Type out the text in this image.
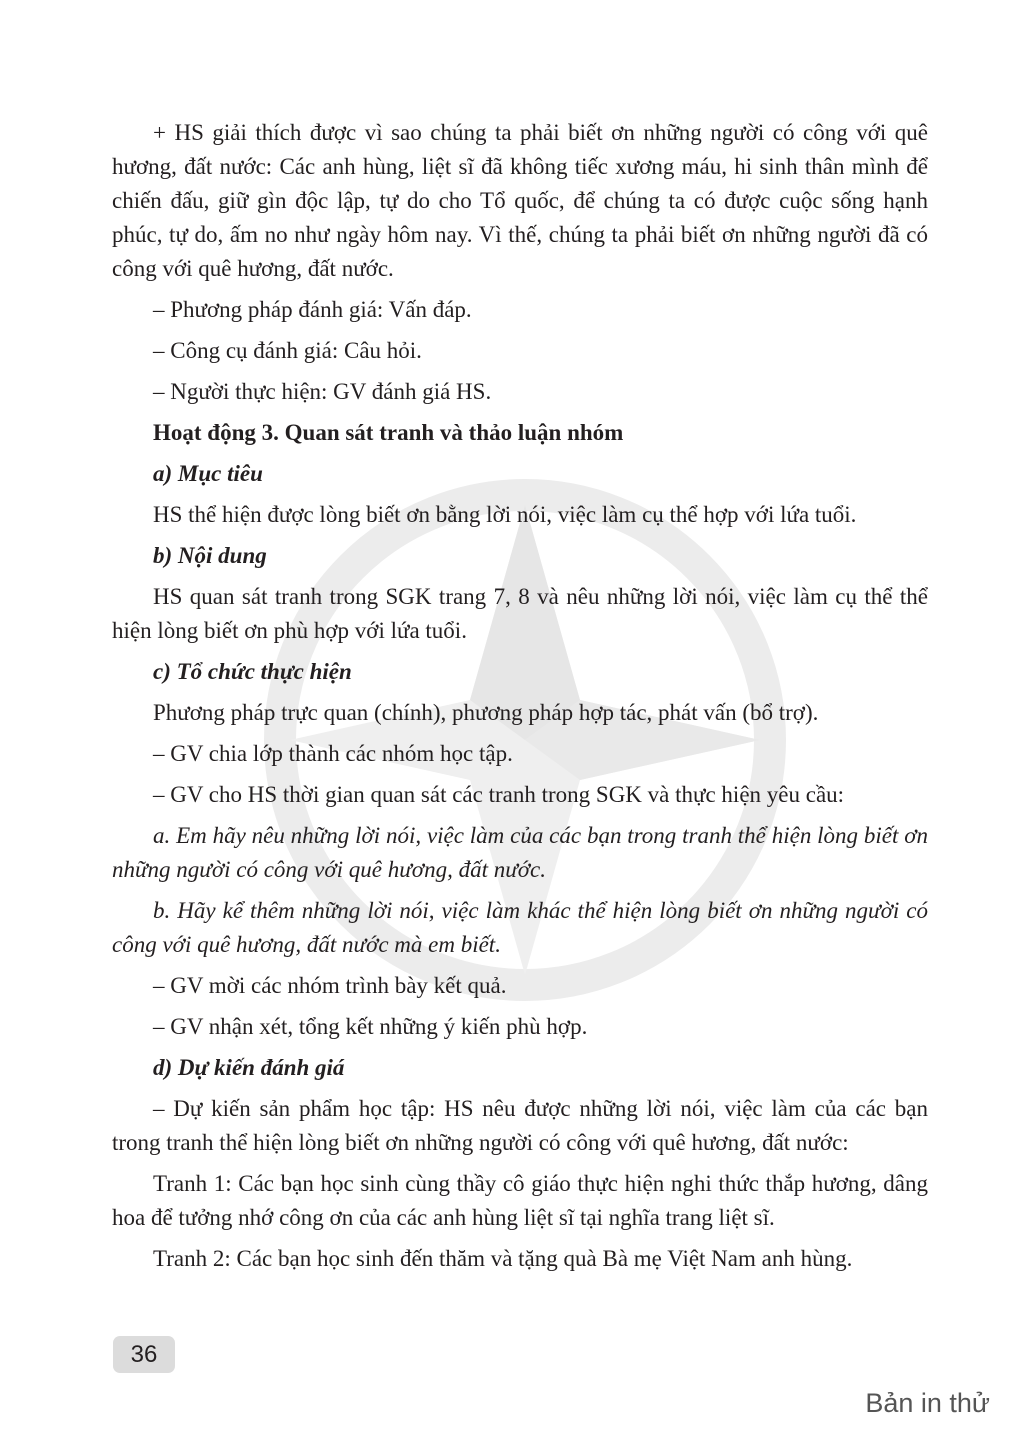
+ HS giải thích được vì sao chúng ta phải biết ơn những người có công với quê hương, đất nước: Các anh hùng, liệt sĩ đã không tiếc xương máu, hi sinh thân mình để chiến đấu, giữ gìn độc lập, tự do cho Tổ quốc, để chúng ta có được cuộc sống hạnh phúc, tự do, ấm no như ngày hôm nay. Vì thế, chúng ta phải biết ơn những người đã có công với quê hương, đất nước.

– Phương pháp đánh giá: Vấn đáp.

– Công cụ đánh giá: Câu hỏi.

– Người thực hiện: GV đánh giá HS.

Hoạt động 3. Quan sát tranh và thảo luận nhóm

a) Mục tiêu

HS thể hiện được lòng biết ơn bằng lời nói, việc làm cụ thể hợp với lứa tuổi.

b) Nội dung

HS quan sát tranh trong SGK trang 7, 8 và nêu những lời nói, việc làm cụ thể thể hiện lòng biết ơn phù hợp với lứa tuổi.

c) Tổ chức thực hiện

Phương pháp trực quan (chính), phương pháp hợp tác, phát vấn (bổ trợ).

– GV chia lớp thành các nhóm học tập.

– GV cho HS thời gian quan sát các tranh trong SGK và thực hiện yêu cầu:

a. Em hãy nêu những lời nói, việc làm của các bạn trong tranh thể hiện lòng biết ơn những người có công với quê hương, đất nước.

b. Hãy kể thêm những lời nói, việc làm khác thể hiện lòng biết ơn những người có công với quê hương, đất nước mà em biết.

– GV mời các nhóm trình bày kết quả.

– GV nhận xét, tổng kết những ý kiến phù hợp.

d) Dự kiến đánh giá

– Dự kiến sản phẩm học tập: HS nêu được những lời nói, việc làm của các bạn trong tranh thể hiện lòng biết ơn những người có công với quê hương, đất nước:

Tranh 1: Các bạn học sinh cùng thầy cô giáo thực hiện nghi thức thắp hương, dâng hoa để tưởng nhớ công ơn của các anh hùng liệt sĩ tại nghĩa trang liệt sĩ.

Tranh 2: Các bạn học sinh đến thăm và tặng quà Bà mẹ Việt Nam anh hùng.

36
Bản in thử
